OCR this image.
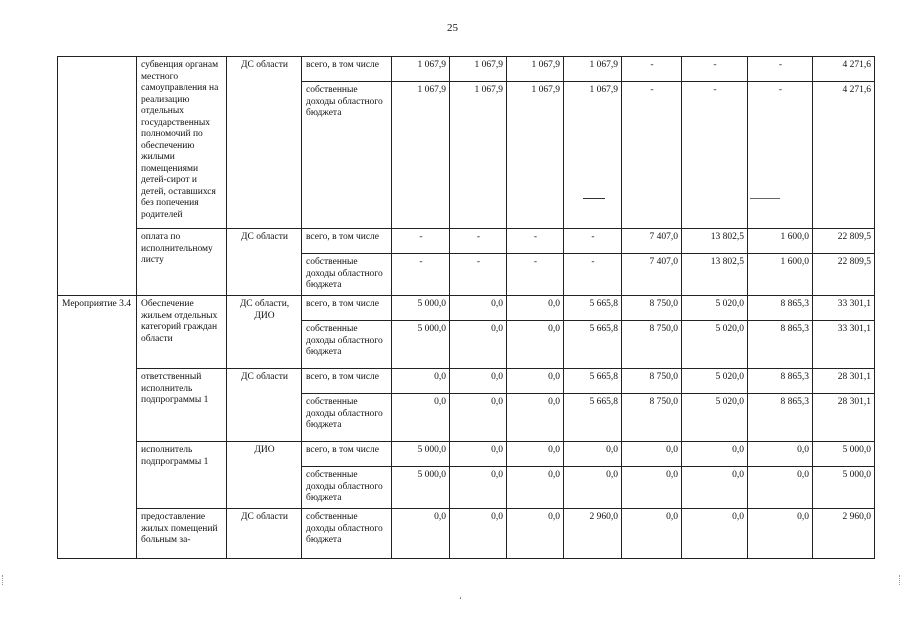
25
	субвенция органам местного самоуправления на реализацию отдельных государственных полномочий по обеспечению жилыми помещениями детей-сирот и детей, оставшихся без попечения родителей	ДС области	всего, в том числе	1 067,9	1 067,9	1 067,9	1 067,9	-	-	-	4 271,6
			собственные доходы областного бюджета	1 067,9	1 067,9	1 067,9	1 067,9	-	-	-	4 271,6
	оплата по исполнительному листу	ДС области	всего, в том числе	-	-	-	-	7 407,0	13 802,5	1 600,0	22 809,5
			собственные доходы областного бюджета	-	-	-	-	7 407,0	13 802,5	1 600,0	22 809,5
Мероприятие 3.4	Обеспечение жильем отдельных категорий граждан области	ДС области, ДИО	всего, в том числе	5 000,0	0,0	0,0	5 665,8	8 750,0	5 020,0	8 865,3	33 301,1
			собственные доходы областного бюджета	5 000,0	0,0	0,0	5 665,8	8 750,0	5 020,0	8 865,3	33 301,1
	ответственный исполнитель подпрограммы 1	ДС области	всего, в том числе	0,0	0,0	0,0	5 665,8	8 750,0	5 020,0	8 865,3	28 301,1
			собственные доходы областного бюджета	0,0	0,0	0,0	5 665,8	8 750,0	5 020,0	8 865,3	28 301,1
	исполнитель подпрограммы 1	ДИО	всего, в том числе	5 000,0	0,0	0,0	0,0	0,0	0,0	0,0	5 000,0
			собственные доходы областного бюджета	5 000,0	0,0	0,0	0,0	0,0	0,0	0,0	5 000,0
	предоставление жилых помещений больным за-	ДС области	собственные доходы областного бюджета	0,0	0,0	0,0	2 960,0	0,0	0,0	0,0	2 960,0
‘
